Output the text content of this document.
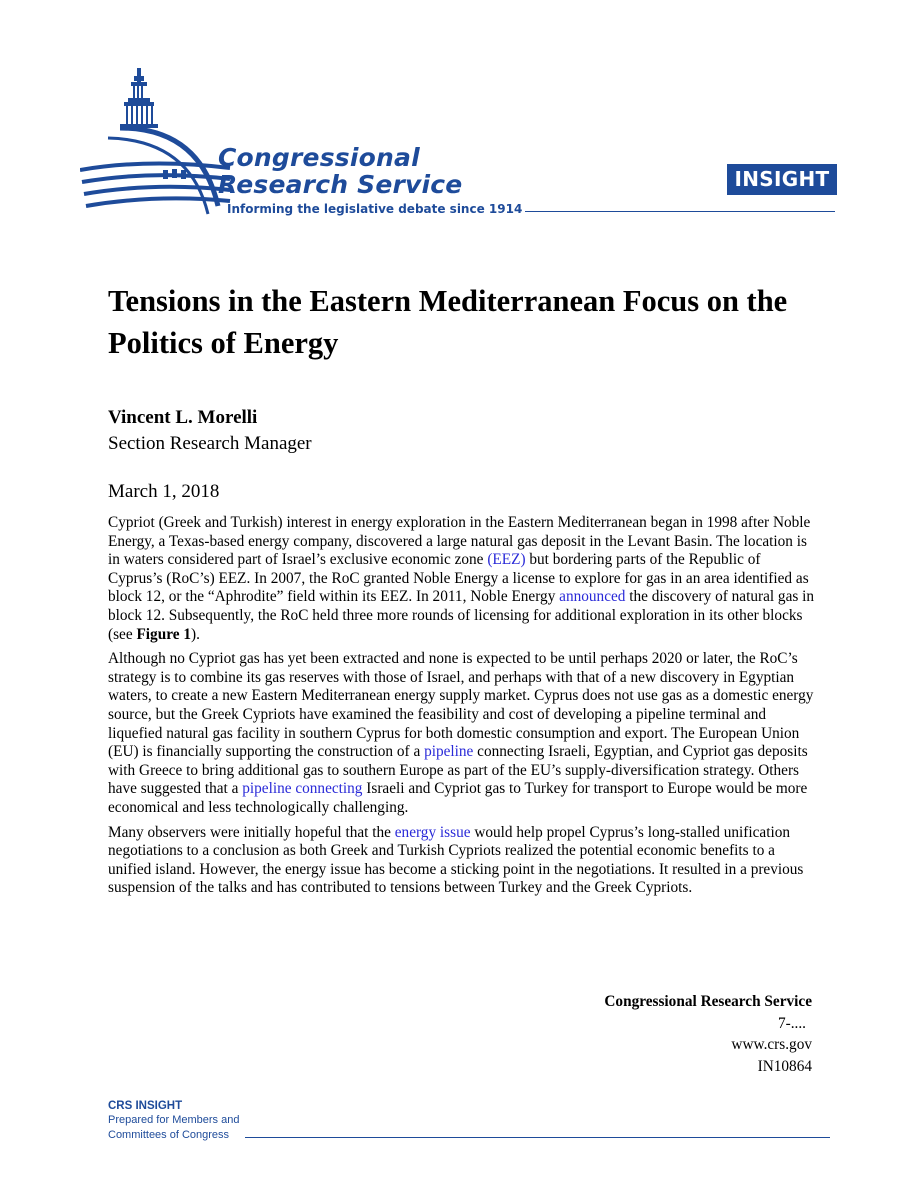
Congressional
Research Service
Informing the legislative debate since 1914
INSIGHT
Tensions in the Eastern Mediterranean Focus on the Politics of Energy
Vincent L. Morelli
Section Research Manager
March 1, 2018

Cypriot (Greek and Turkish) interest in energy exploration in the Eastern Mediterranean began in 1998 after Noble Energy, a Texas-based energy company, discovered a large natural gas deposit in the Levant Basin. The location is in waters considered part of Israel’s exclusive economic zone (EEZ) but bordering parts of the Republic of Cyprus’s (RoC’s) EEZ. In 2007, the RoC granted Noble Energy a license to explore for gas in an area identified as block 12, or the “Aphrodite” field within its EEZ. In 2011, Noble Energy announced the discovery of natural gas in block 12. Subsequently, the RoC held three more rounds of licensing for additional exploration in its other blocks (see Figure 1).

Although no Cypriot gas has yet been extracted and none is expected to be until perhaps 2020 or later, the RoC’s strategy is to combine its gas reserves with those of Israel, and perhaps with that of a new discovery in Egyptian waters, to create a new Eastern Mediterranean energy supply market. Cyprus does not use gas as a domestic energy source, but the Greek Cypriots have examined the feasibility and cost of developing a pipeline terminal and liquefied natural gas facility in southern Cyprus for both domestic consumption and export. The European Union (EU) is financially supporting the construction of a pipeline connecting Israeli, Egyptian, and Cypriot gas deposits with Greece to bring additional gas to southern Europe as part of the EU’s supply-diversification strategy. Others have suggested that a pipeline connecting Israeli and Cypriot gas to Turkey for transport to Europe would be more economical and less technologically challenging.

Many observers were initially hopeful that the energy issue would help propel Cyprus’s long-stalled unification negotiations to a conclusion as both Greek and Turkish Cypriots realized the potential economic benefits to a unified island. However, the energy issue has become a sticking point in the negotiations. It resulted in a previous suspension of the talks and has contributed to tensions between Turkey and the Greek Cypriots.

Congressional Research Service
7-....
www.crs.gov
IN10864
CRS INSIGHT
Prepared for Members and
Committees of Congress
